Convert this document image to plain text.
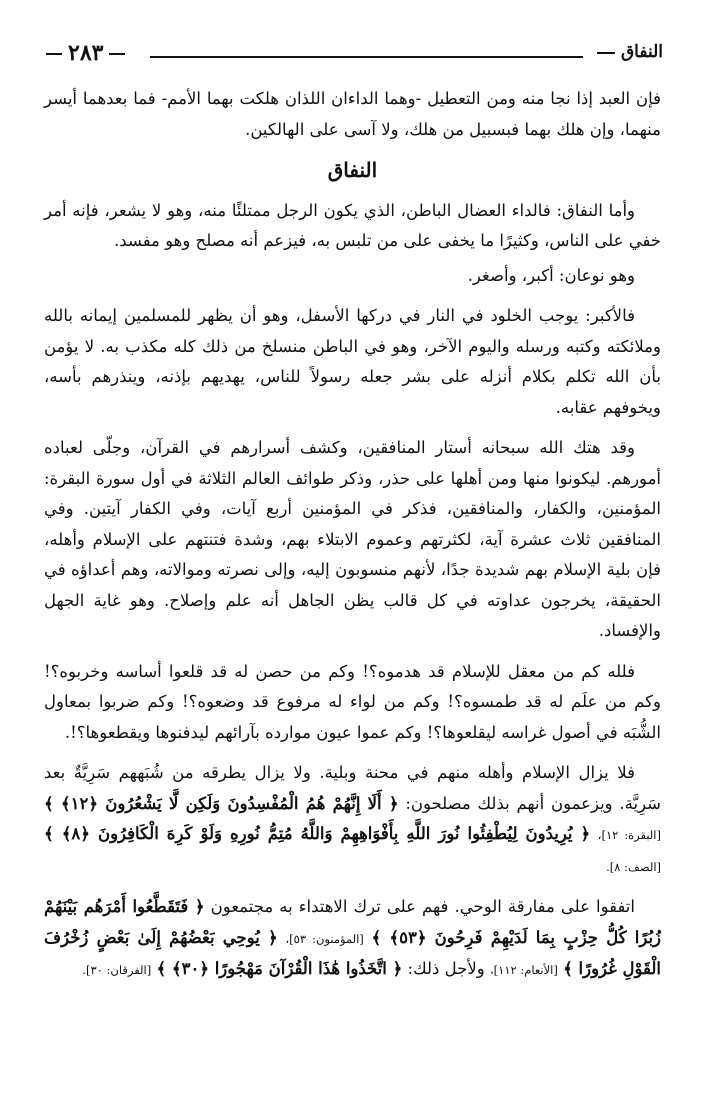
النفاق
٢٨٣

فإن العبد إذا نجا منه ومن التعطيل -وهما الداءان اللذان هلكت بهما الأمم- فما بعدهما أيسر منهما، وإن هلك بهما فبسبيل من هلك، ولا آسى على الهالكين.

النفاق

وأما النفاق: فالداء العضال الباطن، الذي يكون الرجل ممتلئًا منه، وهو لا يشعر، فإنه أمر خفي على الناس، وكثيرًا ما يخفى على من تلبس به، فيزعم أنه مصلح وهو مفسد.

وهو نوعان: أكبر، وأصغر.

فالأكبر: يوجب الخلود في النار في دركها الأسفل، وهو أن يظهر للمسلمين إيمانه بالله وملائكته وكتبه ورسله واليوم الآخر، وهو في الباطن منسلخ من ذلك كله مكذب به. لا يؤمن بأن الله تكلم بكلام أنزله على بشر جعله رسولاً للناس، يهديهم بإذنه، وينذرهم بأسه، ويخوفهم عقابه.

وقد هتك الله سبحانه أستار المنافقين، وكشف أسرارهم في القرآن، وجلّى لعباده أمورهم. ليكونوا منها ومن أهلها على حذر، وذكر طوائف العالم الثلاثة في أول سورة البقرة: المؤمنين، والكفار، والمنافقين، فذكر في المؤمنين أربع آيات، وفي الكفار آيتين. وفي المنافقين ثلاث عشرة آية، لكثرتهم وعموم الابتلاء بهم، وشدة فتنتهم على الإسلام وأهله، فإن بلية الإسلام بهم شديدة جدًا، لأنهم منسوبون إليه، وإلى نصرته وموالاته، وهم أعداؤه في الحقيقة، يخرجون عداوته في كل قالب يظن الجاهل أنه علم وإصلاح. وهو غاية الجهل والإفساد.

فلله كم من معقل للإسلام قد هدموه؟! وكم من حصن له قد قلعوا أساسه وخربوه؟! وكم من علَم له قد طمسوه؟! وكم من لواء له مرفوع قد وضعوه؟! وكم ضربوا بمعاول الشُّبَه في أصول غراسه ليقلعوها؟! وكم عموا عيون موارده بآرائهم ليدفنوها ويقطعوها؟!.

فلا يزال الإسلام وأهله منهم في محنة وبلية. ولا يزال يطرقه من شُبَههم سَرِيَّةٌ بعد سَرِيَّة. ويزعمون أنهم بذلك مصلحون: ﴿ أَلَا إِنَّهُمْ هُمُ الْمُفْسِدُونَ وَلَكِن لَّا يَشْعُرُونَ ﴿١٢﴾ ﴾ [البقرة: ١٢]، ﴿ يُرِيدُونَ لِيُطْفِئُوا نُورَ اللَّهِ بِأَفْوَاهِهِمْ وَاللَّهُ مُتِمُّ نُورِهِ وَلَوْ كَرِهَ الْكَافِرُونَ ﴿٨﴾ ﴾ [الصف: ٨].

اتفقوا على مفارقة الوحي. فهم على ترك الاهتداء به مجتمعون ﴿ فَتَقَطَّعُوا أَمْرَهُم بَيْنَهُمْ زُبُرًا كُلُّ حِزْبٍ بِمَا لَدَيْهِمْ فَرِحُونَ ﴿٥٣﴾ ﴾ [المؤمنون: ٥٣]، ﴿ يُوحِي بَعْضُهُمْ إِلَىٰ بَعْضٍ زُخْرُفَ الْقَوْلِ غُرُورًا ﴾ [الأنعام: ١١٢]، ولأجل ذلك: ﴿ اتَّخَذُوا هَٰذَا الْقُرْآنَ مَهْجُورًا ﴿٣٠﴾ ﴾ [الفرقان: ٣٠].
